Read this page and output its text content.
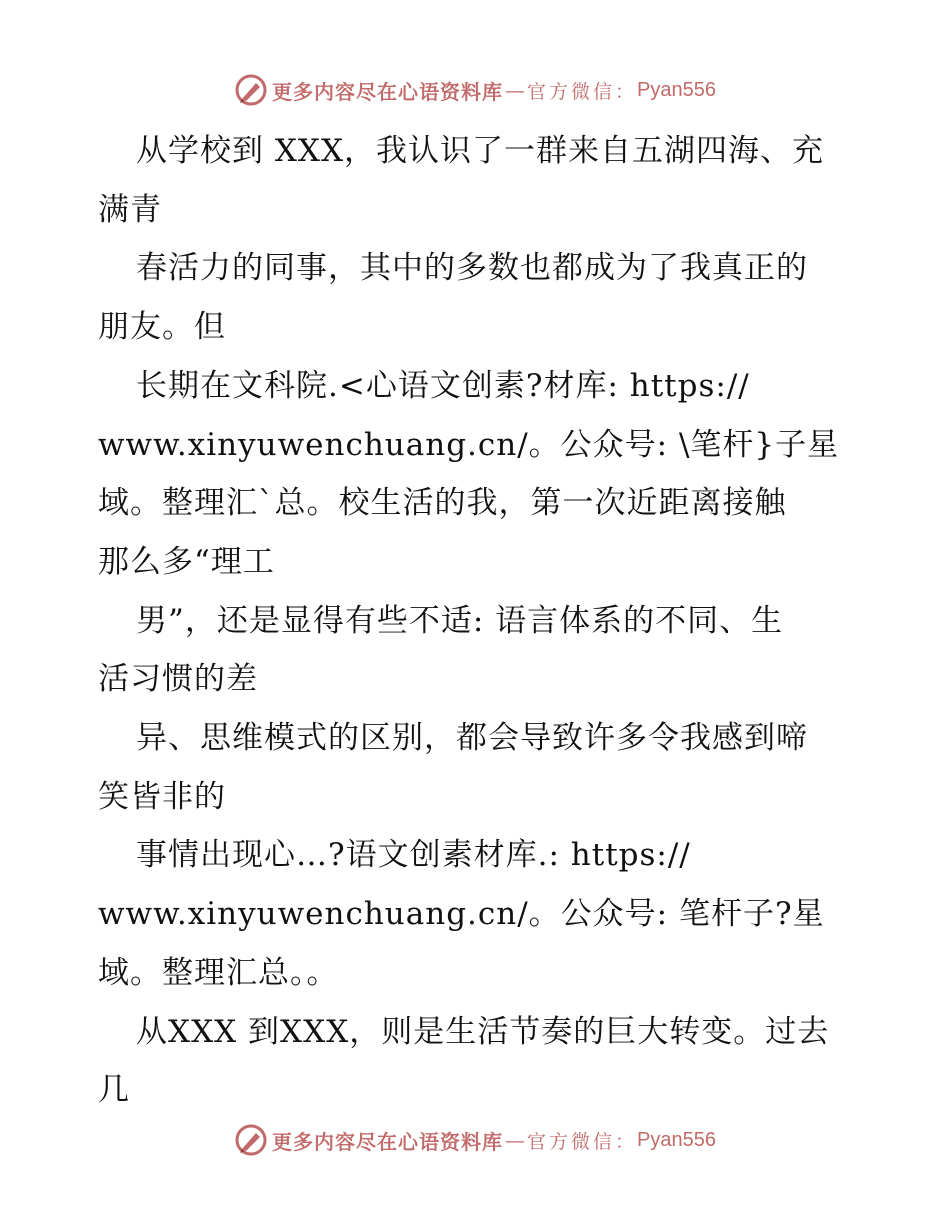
更多内容尽在心语资料库 — 官方微信： Pyan556
从学校到 XXX，我认识了一群来自五湖四海、充
满青
春活力的同事，其中的多数也都成为了我真正的
朋友。但
长期在文科院.<心语文创素?材库: https://
www.xinyuwenchuang.cn/。公众号: \笔杆}子星
域。整理汇`总。校生活的我，第一次近距离接触
那么多“理工
男”，还是显得有些不适: 语言体系的不同、生
活习惯的差
异、思维模式的区别，都会导致许多令我感到啼
笑皆非的
事情出现心…?语文创素材库.: https://
www.xinyuwenchuang.cn/。公众号: 笔杆子?星
域。整理汇总。。
从XXX 到XXX，则是生活节奏的巨大转变。过去
几
更多内容尽在心语资料库 — 官方微信： Pyan556
